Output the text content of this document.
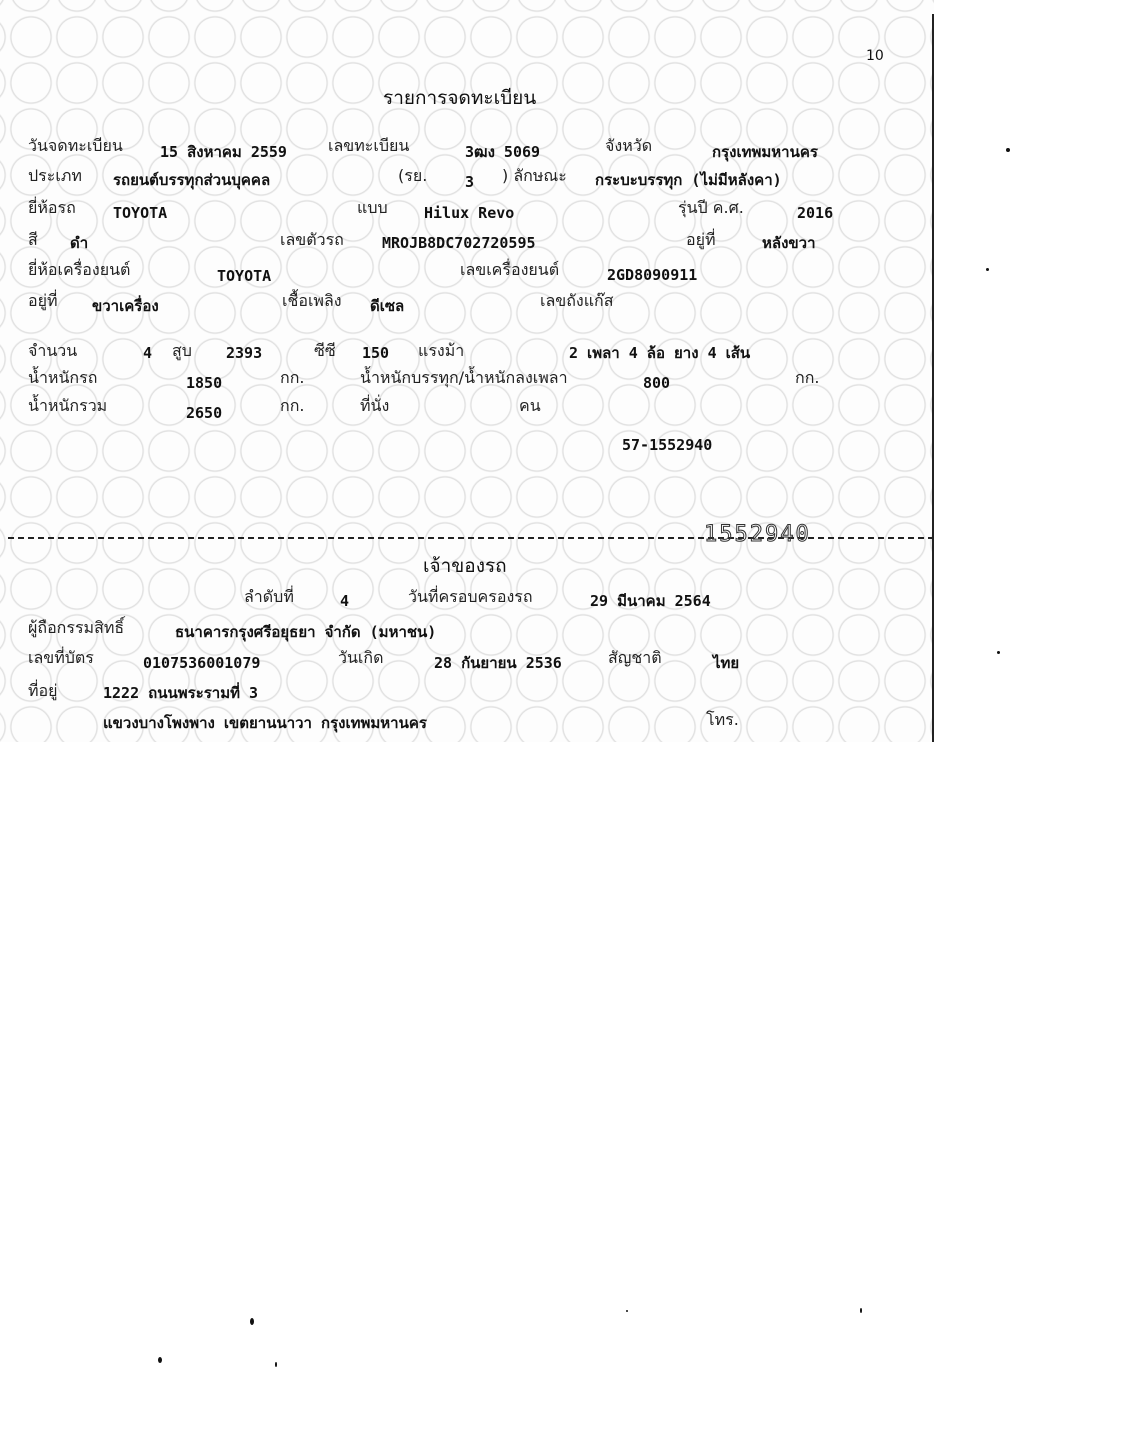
10
รายการจดทะเบียน
วันจดทะเบียน 15 สิงหาคม 2559	เลขทะเบียน	3ฒง 5069	จังหวัด	กรุงเทพมหานคร
ประเภท รถยนต์บรรทุกส่วนบุคคล	(รย.	3 ) ลักษณะ กระบะบรรทุก (ไม่มีหลังคา)
ยี่ห้อรถ TOYOTA	แบบ Hilux Revo	รุ่นปี ค.ศ.	2016
สี ดำ	เลขตัวรถ	MROJB8DC702720595	อยู่ที่	หลังขวา
ยี่ห้อเครื่องยนต์	TOYOTA	เลขเครื่องยนต์	2GD8090911
อยู่ที่ ขวาเครื่อง	เชื้อเพลิง ดีเซล	เลขถังแก๊ส
จำนวน	4 สูบ 2393	ซีซี 150 แรงม้า	2 เพลา 4 ล้อ ยาง 4 เส้น
น้ำหนักรถ	1850	กก.	น้ำหนักบรรทุก/น้ำหนักลงเพลา	800	กก.
น้ำหนักรวม	2650	กก.	ที่นั่ง	คน
57-1552940
1552940
เจ้าของรถ
ลำดับที่	4	วันที่ครอบครองรถ	29 มีนาคม 2564
ผู้ถือกรรมสิทธิ์	ธนาคารกรุงศรีอยุธยา จำกัด (มหาชน)
เลขที่บัตร	0107536001079	วันเกิด	28 กันยายน 2536	สัญชาติ	ไทย
ที่อยู่	1222 ถนนพระรามที่ 3
แขวงบางโพงพาง เขตยานนาวา กรุงเทพมหานคร	โทร.
